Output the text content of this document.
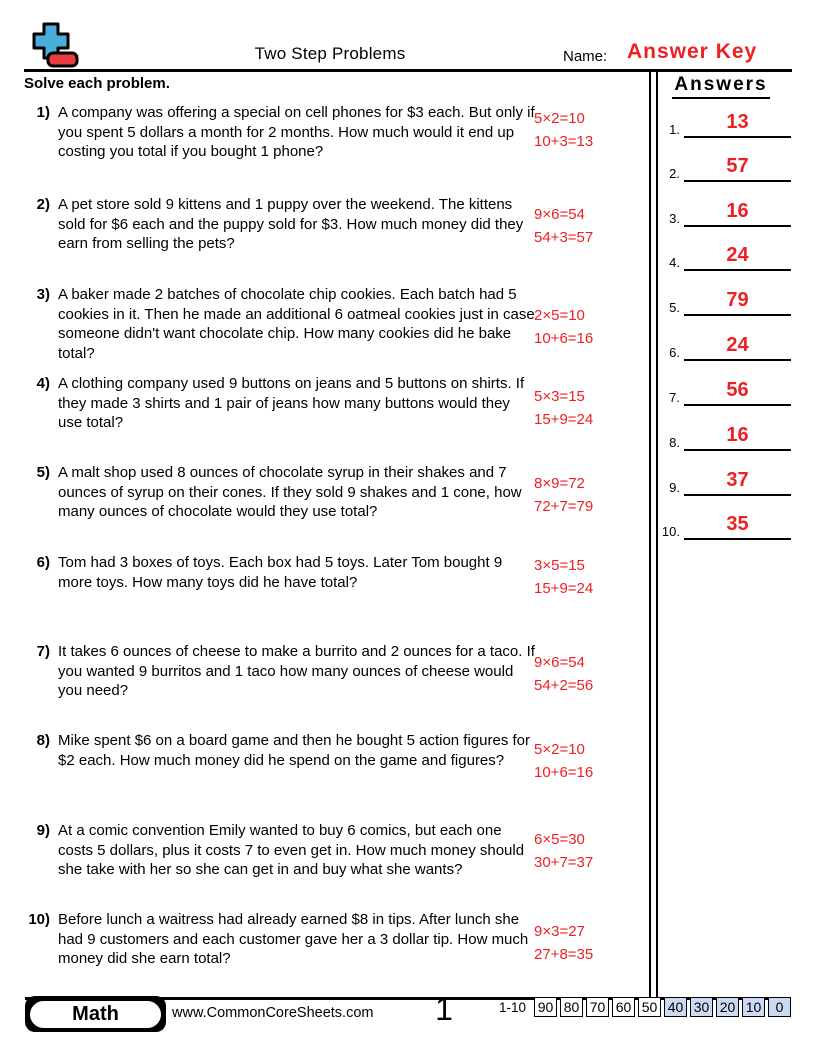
Two Step Problems	Name: Answer Key
Solve each problem.
1) A company was offering a special on cell phones for $3 each. But only if you spent 5 dollars a month for 2 months. How much would it end up costing you total if you bought 1 phone?
5×2=10
10+3=13
2) A pet store sold 9 kittens and 1 puppy over the weekend. The kittens sold for $6 each and the puppy sold for $3. How much money did they earn from selling the pets?
9×6=54
54+3=57
3) A baker made 2 batches of chocolate chip cookies. Each batch had 5 cookies in it. Then he made an additional 6 oatmeal cookies just in case someone didn't want chocolate chip. How many cookies did he bake total?
2×5=10
10+6=16
4) A clothing company used 9 buttons on jeans and 5 buttons on shirts. If they made 3 shirts and 1 pair of jeans how many buttons would they use total?
5×3=15
15+9=24
5) A malt shop used 8 ounces of chocolate syrup in their shakes and 7 ounces of syrup on their cones. If they sold 9 shakes and 1 cone, how many ounces of chocolate would they use total?
8×9=72
72+7=79
6) Tom had 3 boxes of toys. Each box had 5 toys. Later Tom bought 9 more toys. How many toys did he have total?
3×5=15
15+9=24
7) It takes 6 ounces of cheese to make a burrito and 2 ounces for a taco. If you wanted 9 burritos and 1 taco how many ounces of cheese would you need?
9×6=54
54+2=56
8) Mike spent $6 on a board game and then he bought 5 action figures for $2 each. How much money did he spend on the game and figures?
5×2=10
10+6=16
9) At a comic convention Emily wanted to buy 6 comics, but each one costs 5 dollars, plus it costs 7 to even get in. How much money should she take with her so she can get in and buy what she wants?
6×5=30
30+7=37
10) Before lunch a waitress had already earned $8 in tips. After lunch she had 9 customers and each customer gave her a 3 dollar tip. How much money did she earn total?
9×3=27
27+8=35
Answers
1.	13
2.	57
3.	16
4.	24
5.	79
6.	24
7.	56
8.	16
9.	37
10.	35
Math	www.CommonCoreSheets.com	1	1-10 90 80 70 60 50 40 30 20 10	0
